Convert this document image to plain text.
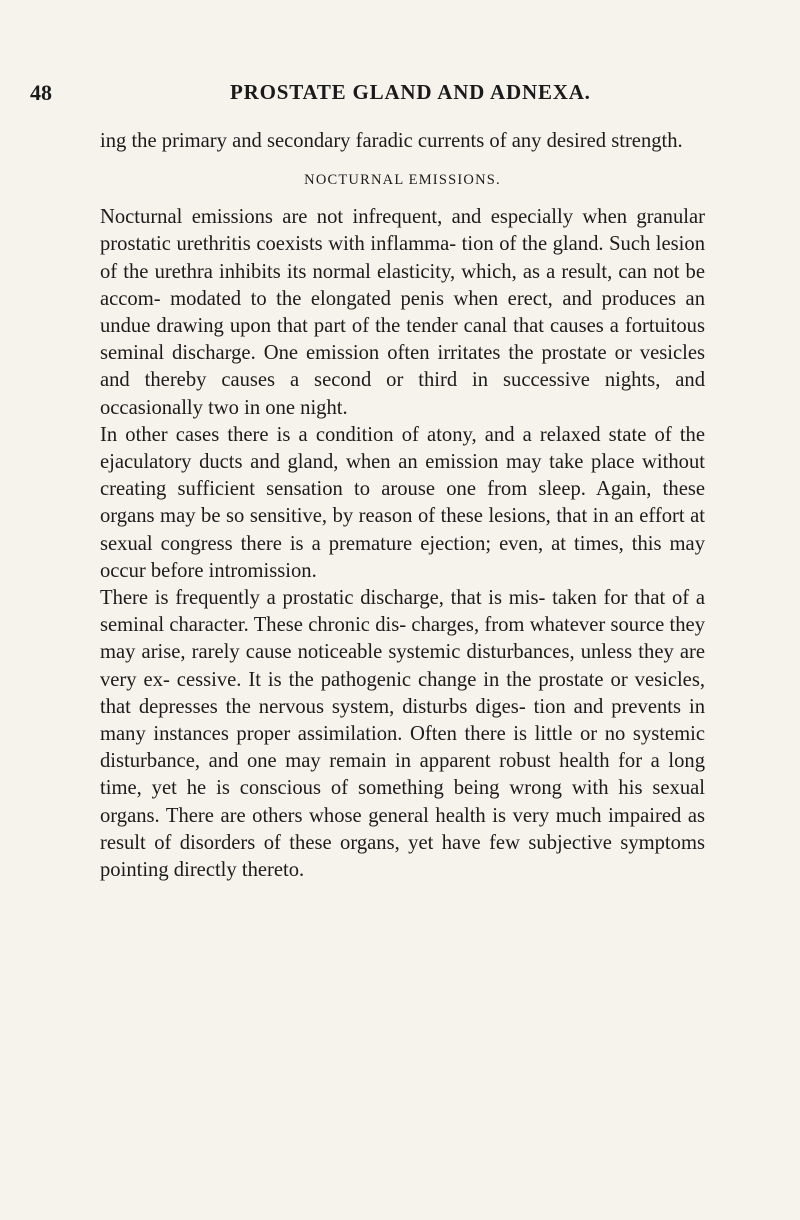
48	PROSTATE GLAND AND ADNEXA.

ing the primary and secondary faradic currents of any desired strength.

NOCTURNAL EMISSIONS.

Nocturnal emissions are not infrequent, and especially when granular prostatic urethritis coexists with inflamma- tion of the gland. Such lesion of the urethra inhibits its normal elasticity, which, as a result, can not be accom- modated to the elongated penis when erect, and produces an undue drawing upon that part of the tender canal that causes a fortuitous seminal discharge. One emission often irritates the prostate or vesicles and thereby causes a second or third in successive nights, and occasionally two in one night.

In other cases there is a condition of atony, and a relaxed state of the ejaculatory ducts and gland, when an emission may take place without creating sufficient sensation to arouse one from sleep. Again, these organs may be so sensitive, by reason of these lesions, that in an effort at sexual congress there is a premature ejection; even, at times, this may occur before intromission.

There is frequently a prostatic discharge, that is mis- taken for that of a seminal character. These chronic dis- charges, from whatever source they may arise, rarely cause noticeable systemic disturbances, unless they are very ex- cessive. It is the pathogenic change in the prostate or vesicles, that depresses the nervous system, disturbs diges- tion and prevents in many instances proper assimilation. Often there is little or no systemic disturbance, and one may remain in apparent robust health for a long time, yet he is conscious of something being wrong with his sexual organs. There are others whose general health is very much impaired as result of disorders of these organs, yet have few subjective symptoms pointing directly thereto.
